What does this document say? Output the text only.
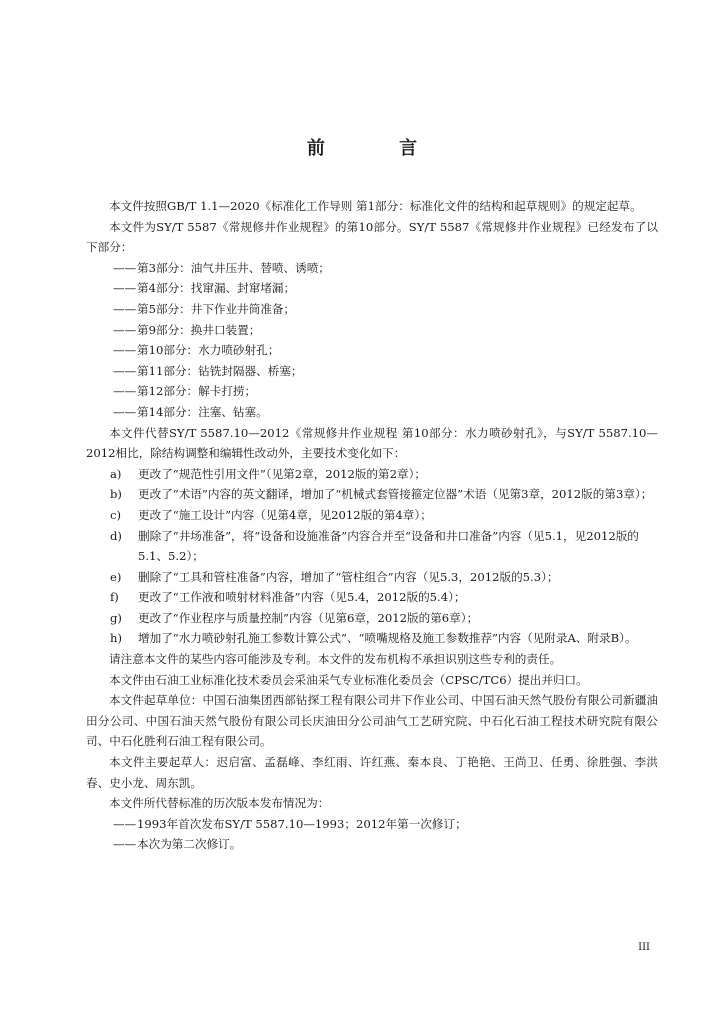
前 言

本文件按照GB/T 1.1—2020《标准化工作导则 第1部分：标准化文件的结构和起草规则》的规定起草。

本文件为SY/T 5587《常规修井作业规程》的第10部分。SY/T 5587《常规修井作业规程》已经发布了以下部分：

——第3部分：油气井压井、替喷、诱喷；

——第4部分：找窜漏、封窜堵漏；

——第5部分：井下作业井筒准备；

——第9部分：换井口装置；

——第10部分：水力喷砂射孔；

——第11部分：钻铣封隔器、桥塞；

——第12部分：解卡打捞；

——第14部分：注塞、钻塞。

本文件代替SY/T 5587.10—2012《常规修井作业规程 第10部分：水力喷砂射孔》，与SY/T 5587.10—2012相比，除结构调整和编辑性改动外，主要技术变化如下：

a) 更改了“规范性引用文件”（见第2章，2012版的第2章）；

b) 更改了“术语”内容的英文翻译，增加了“机械式套管接箍定位器”术语（见第3章，2012版的第3章）；

c) 更改了“施工设计”内容（见第4章，见2012版的第4章）；

d) 删除了“井场准备”，将“设备和设施准备”内容合并至“设备和井口准备”内容（见5.1，见2012版的5.1、5.2）；

e) 删除了“工具和管柱准备”内容，增加了“管柱组合”内容（见5.3，2012版的5.3）；

f) 更改了“工作液和喷射材料准备”内容（见5.4，2012版的5.4）；

g) 更改了“作业程序与质量控制”内容（见第6章，2012版的第6章）；

h) 增加了“水力喷砂射孔施工参数计算公式”、“喷嘴规格及施工参数推荐”内容（见附录A、附录B）。

请注意本文件的某些内容可能涉及专利。本文件的发布机构不承担识别这些专利的责任。

本文件由石油工业标准化技术委员会采油采气专业标准化委员会（CPSC/TC6）提出并归口。

本文件起草单位：中国石油集团西部钻探工程有限公司井下作业公司、中国石油天然气股份有限公司新疆油田分公司、中国石油天然气股份有限公司长庆油田分公司油气工艺研究院、中石化石油工程技术研究院有限公司、中石化胜利石油工程有限公司。

本文件主要起草人：迟启富、孟磊峰、李红雨、许红燕、秦本良、丁艳艳、王尚卫、任勇、徐胜强、李洪春、史小龙、周东凯。

本文件所代替标准的历次版本发布情况为：

——1993年首次发布SY/T 5587.10—1993；2012年第一次修订；

——本次为第二次修订。

III
